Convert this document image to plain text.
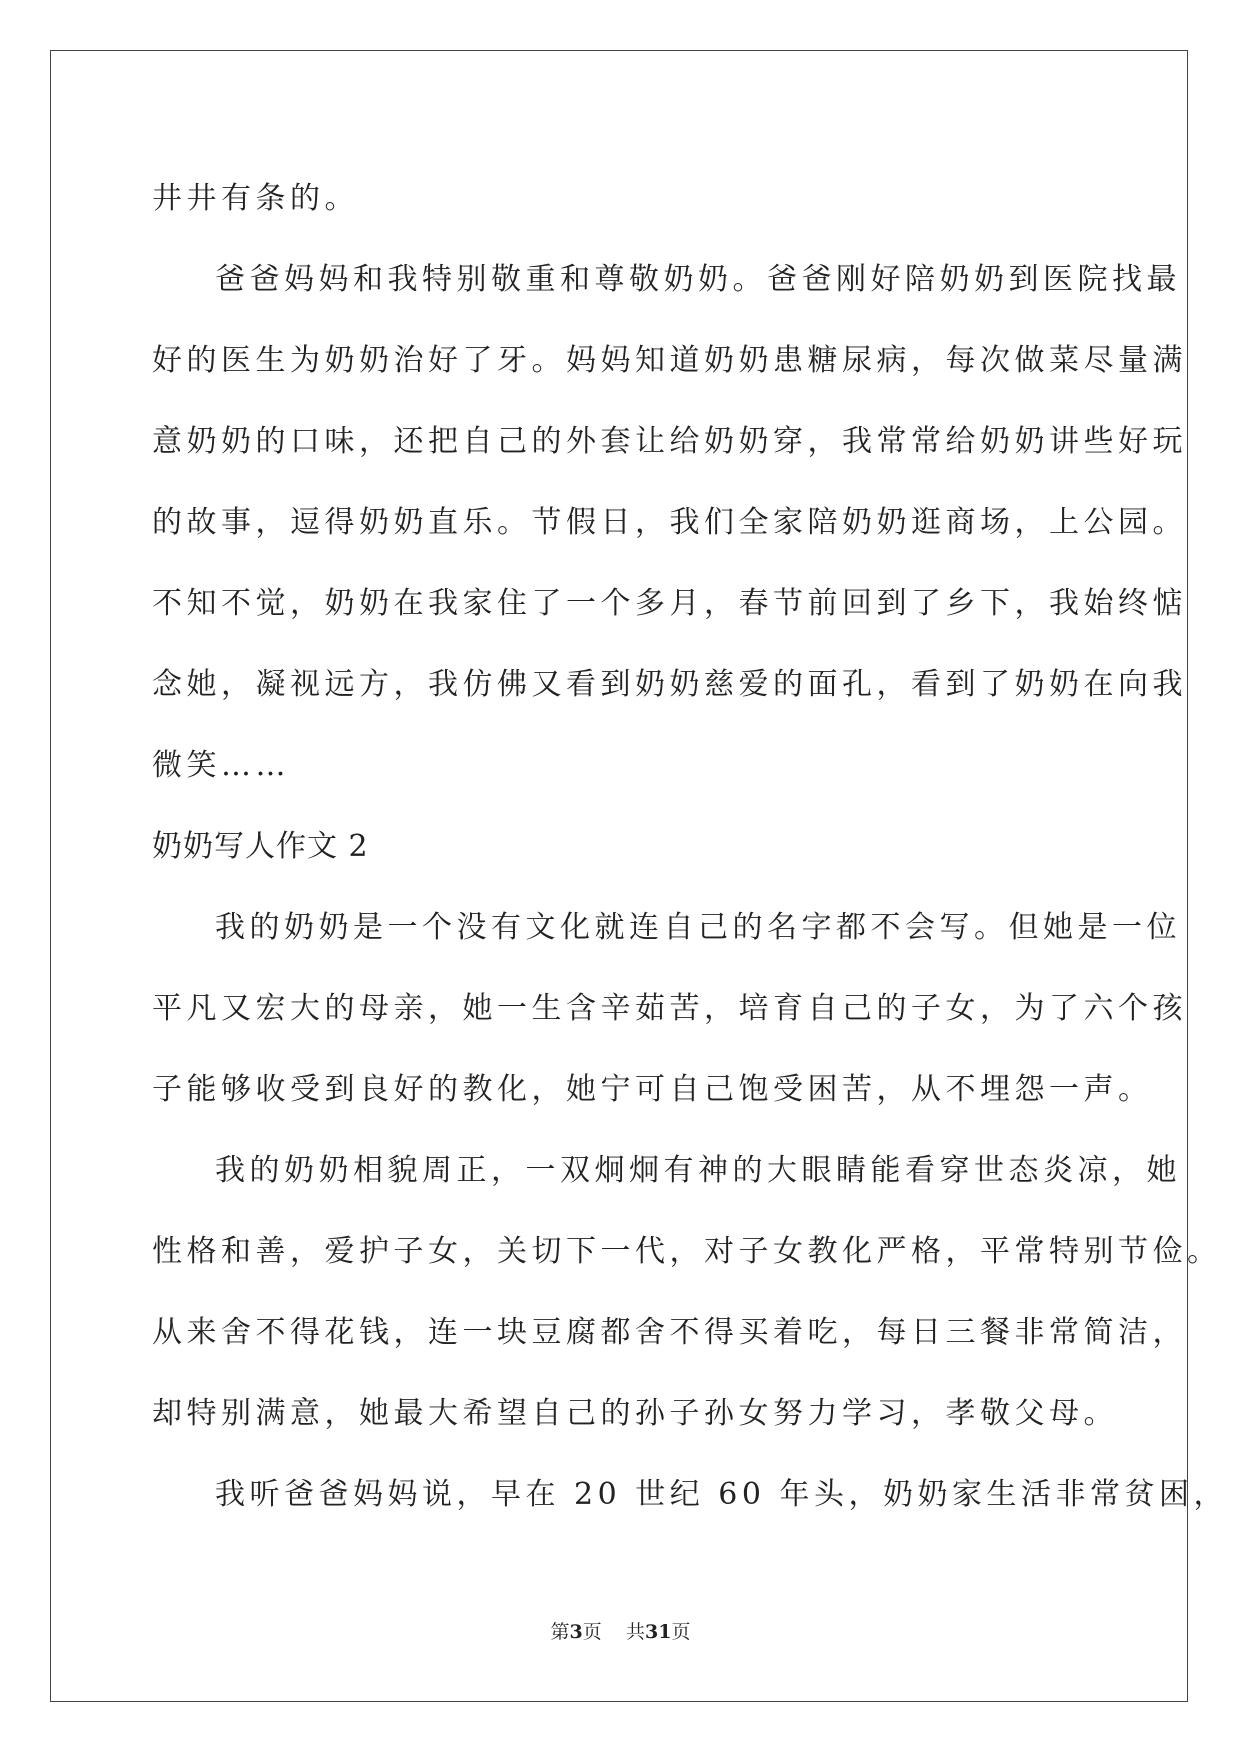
井井有条的。
爸爸妈妈和我特别敬重和尊敬奶奶。爸爸刚好陪奶奶到医院找最
好的医生为奶奶治好了牙。妈妈知道奶奶患糖尿病，每次做菜尽量满
意奶奶的口味，还把自己的外套让给奶奶穿，我常常给奶奶讲些好玩
的故事，逗得奶奶直乐。节假日，我们全家陪奶奶逛商场，上公园。
不知不觉，奶奶在我家住了一个多月，春节前回到了乡下，我始终惦
念她，凝视远方，我仿佛又看到奶奶慈爱的面孔，看到了奶奶在向我
微笑……
奶奶写人作文 2
我的奶奶是一个没有文化就连自己的名字都不会写。但她是一位
平凡又宏大的母亲，她一生含辛茹苦，培育自己的子女，为了六个孩
子能够收受到良好的教化，她宁可自己饱受困苦，从不埋怨一声。
我的奶奶相貌周正，一双炯炯有神的大眼睛能看穿世态炎凉，她
性格和善，爱护子女，关切下一代，对子女教化严格，平常特别节俭。
从来舍不得花钱，连一块豆腐都舍不得买着吃，每日三餐非常简洁，
却特别满意，她最大希望自己的孙子孙女努力学习，孝敬父母。
我听爸爸妈妈说，早在 20 世纪 60 年头，奶奶家生活非常贫困，
第3页 共31页
